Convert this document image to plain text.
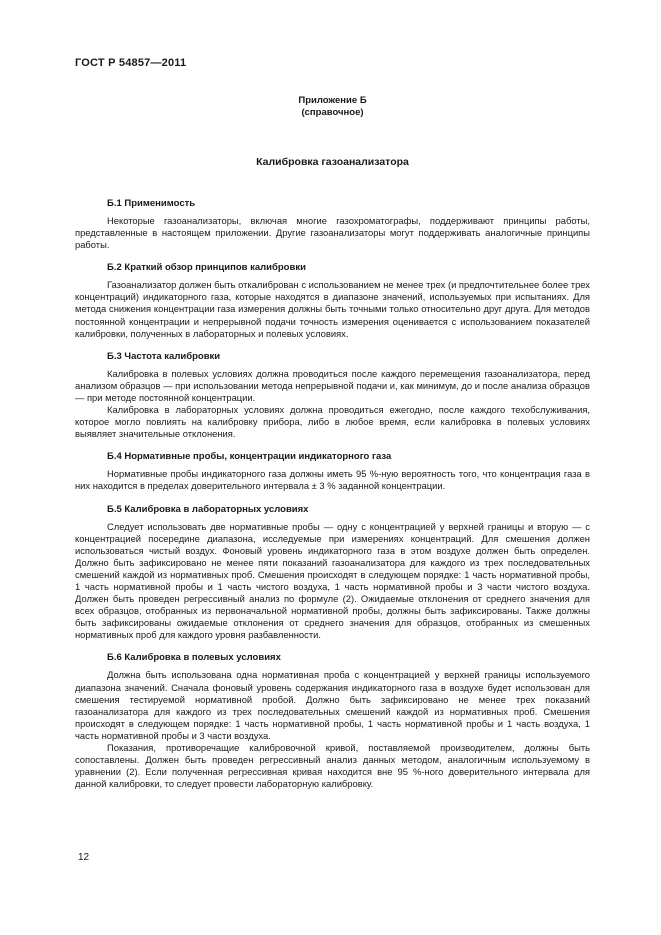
ГОСТ Р 54857—2011
Приложение Б
(справочное)
Калибровка газоанализатора
Б.1 Применимость

Некоторые газоанализаторы, включая многие газохроматографы, поддерживают принципы работы, представленные в настоящем приложении. Другие газоанализаторы могут поддерживать аналогичные принципы работы.

Б.2 Краткий обзор принципов калибровки

Газоанализатор должен быть откалиброван с использованием не менее трех (и предпочтительнее более трех концентраций) индикаторного газа, которые находятся в диапазоне значений, используемых при испытаниях. Для метода снижения концентрации газа измерения должны быть точными только относительно друг друга. Для методов постоянной концентрации и непрерывной подачи точность измерения оценивается с использованием показателей калибровки, полученных в лабораторных и полевых условиях.

Б.3 Частота калибровки

Калибровка в полевых условиях должна проводиться после каждого перемещения газоанализатора, перед анализом образцов — при использовании метода непрерывной подачи и, как минимум, до и после анализа образцов — при методе постоянной концентрации.

Калибровка в лабораторных условиях должна проводиться ежегодно, после каждого техобслуживания, которое могло повлиять на калибровку прибора, либо в любое время, если калибровка в полевых условиях выявляет значительные отклонения.

Б.4 Нормативные пробы, концентрации индикаторного газа

Нормативные пробы индикаторного газа должны иметь 95 %-ную вероятность того, что концентрация газа в них находится в пределах доверительного интервала ± 3 % заданной концентрации.

Б.5 Калибровка в лабораторных условиях

Следует использовать две нормативные пробы — одну с концентрацией у верхней границы и вторую — с концентрацией посередине диапазона, исследуемые при измерениях концентраций. Для смешения должен использоваться чистый воздух. Фоновый уровень индикаторного газа в этом воздухе должен быть определен. Должно быть зафиксировано не менее пяти показаний газоанализатора для каждого из трех последовательных смешений каждой из нормативных проб. Смешения происходят в следующем порядке: 1 часть нормативной пробы, 1 часть нормативной пробы и 1 часть чистого воздуха, 1 часть нормативной пробы и 3 части чистого воздуха. Должен быть проведен регрессивный анализ по формуле (2). Ожидаемые отклонения от среднего значения для всех образцов, отобранных из первоначальной нормативной пробы, должны быть зафиксированы. Также должны быть зафиксированы ожидаемые отклонения от среднего значения для образцов, отобранных из смешенных нормативных проб для каждого уровня разбавленности.

Б.6 Калибровка в полевых условиях

Должна быть использована одна нормативная проба с концентрацией у верхней границы используемого диапазона значений. Сначала фоновый уровень содержания индикаторного газа в воздухе будет использован для смешения тестируемой нормативной пробой. Должно быть зафиксировано не менее трех показаний газоанализатора для каждого из трех последовательных смешений каждой из нормативных проб. Смешения происходят в следующем порядке: 1 часть нормативной пробы, 1 часть нормативной пробы и 1 часть воздуха, 1 часть нормативной пробы и 3 части воздуха.

Показания, противоречащие калибровочной кривой, поставляемой производителем, должны быть сопоставлены. Должен быть проведен регрессивный анализ данных методом, аналогичным используемому в уравнении (2). Если полученная регрессивная кривая находится вне 95 %-ного доверительного интервала для данной калибровки, то следует провести лабораторную калибровку.

12
